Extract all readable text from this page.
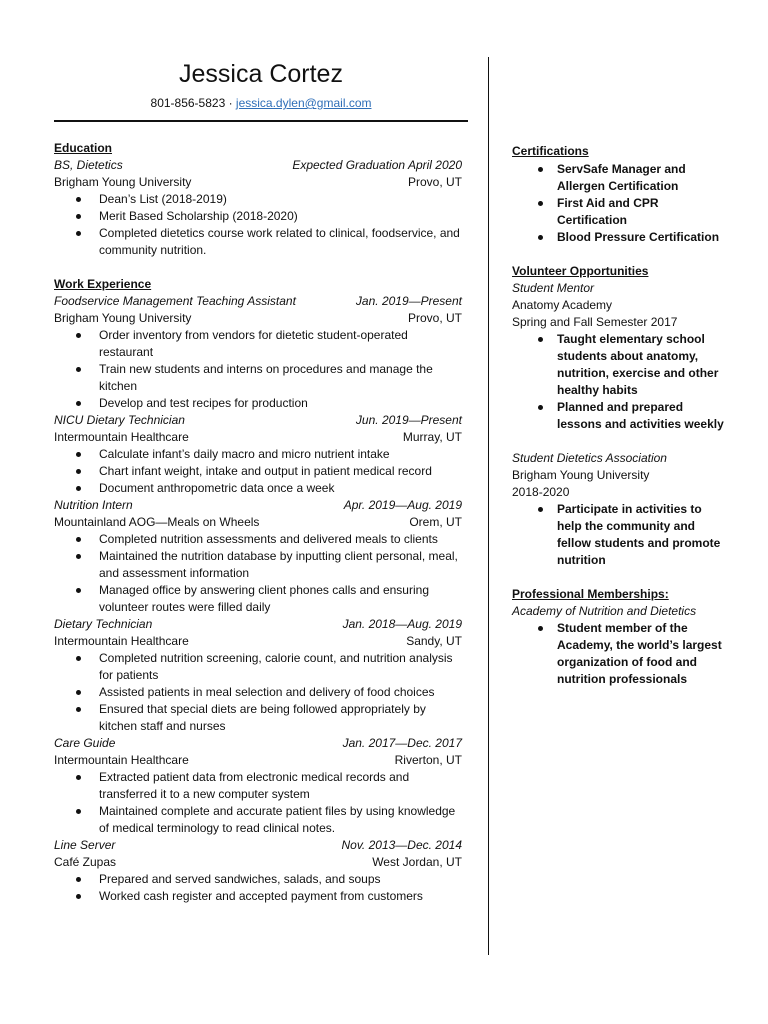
Jessica Cortez
801-856-5823 · jessica.dylen@gmail.com
Education
BS, Dietetics	Expected Graduation April 2020
Brigham Young University	Provo, UT
Dean’s List (2018-2019)
Merit Based Scholarship (2018-2020)
Completed dietetics course work related to clinical, foodservice, and community nutrition.
Work Experience
Foodservice Management Teaching Assistant	Jan. 2019—Present
Brigham Young University	Provo, UT
Order inventory from vendors for dietetic student-operated restaurant
Train new students and interns on procedures and manage the kitchen
Develop and test recipes for production
NICU Dietary Technician	Jun. 2019—Present
Intermountain Healthcare	Murray, UT
Calculate infant’s daily macro and micro nutrient intake
Chart infant weight, intake and output in patient medical record
Document anthropometric data once a week
Nutrition Intern	Apr. 2019—Aug. 2019
Mountainland AOG—Meals on Wheels	Orem, UT
Completed nutrition assessments and delivered meals to clients
Maintained the nutrition database by inputting client personal, meal, and assessment information
Managed office by answering client phones calls and ensuring volunteer routes were filled daily
Dietary Technician	Jan. 2018—Aug. 2019
Intermountain Healthcare	Sandy, UT
Completed nutrition screening, calorie count, and nutrition analysis for patients
Assisted patients in meal selection and delivery of food choices
Ensured that special diets are being followed appropriately by kitchen staff and nurses
Care Guide	Jan. 2017—Dec. 2017
Intermountain Healthcare	Riverton, UT
Extracted patient data from electronic medical records and transferred it to a new computer system
Maintained complete and accurate patient files by using knowledge of medical terminology to read clinical notes.
Line Server	Nov. 2013—Dec. 2014
Café Zupas	West Jordan, UT
Prepared and served sandwiches, salads, and soups
Worked cash register and accepted payment from customers
Certifications
ServSafe Manager and Allergen Certification
First Aid and CPR Certification
Blood Pressure Certification
Volunteer Opportunities
Student Mentor
Anatomy Academy
Spring and Fall Semester 2017
Taught elementary school students about anatomy, nutrition, exercise and other healthy habits
Planned and prepared lessons and activities weekly
Student Dietetics Association
Brigham Young University
2018-2020
Participate in activities to help the community and fellow students and promote nutrition
Professional Memberships:
Academy of Nutrition and Dietetics
Student member of the Academy, the world’s largest organization of food and nutrition professionals
